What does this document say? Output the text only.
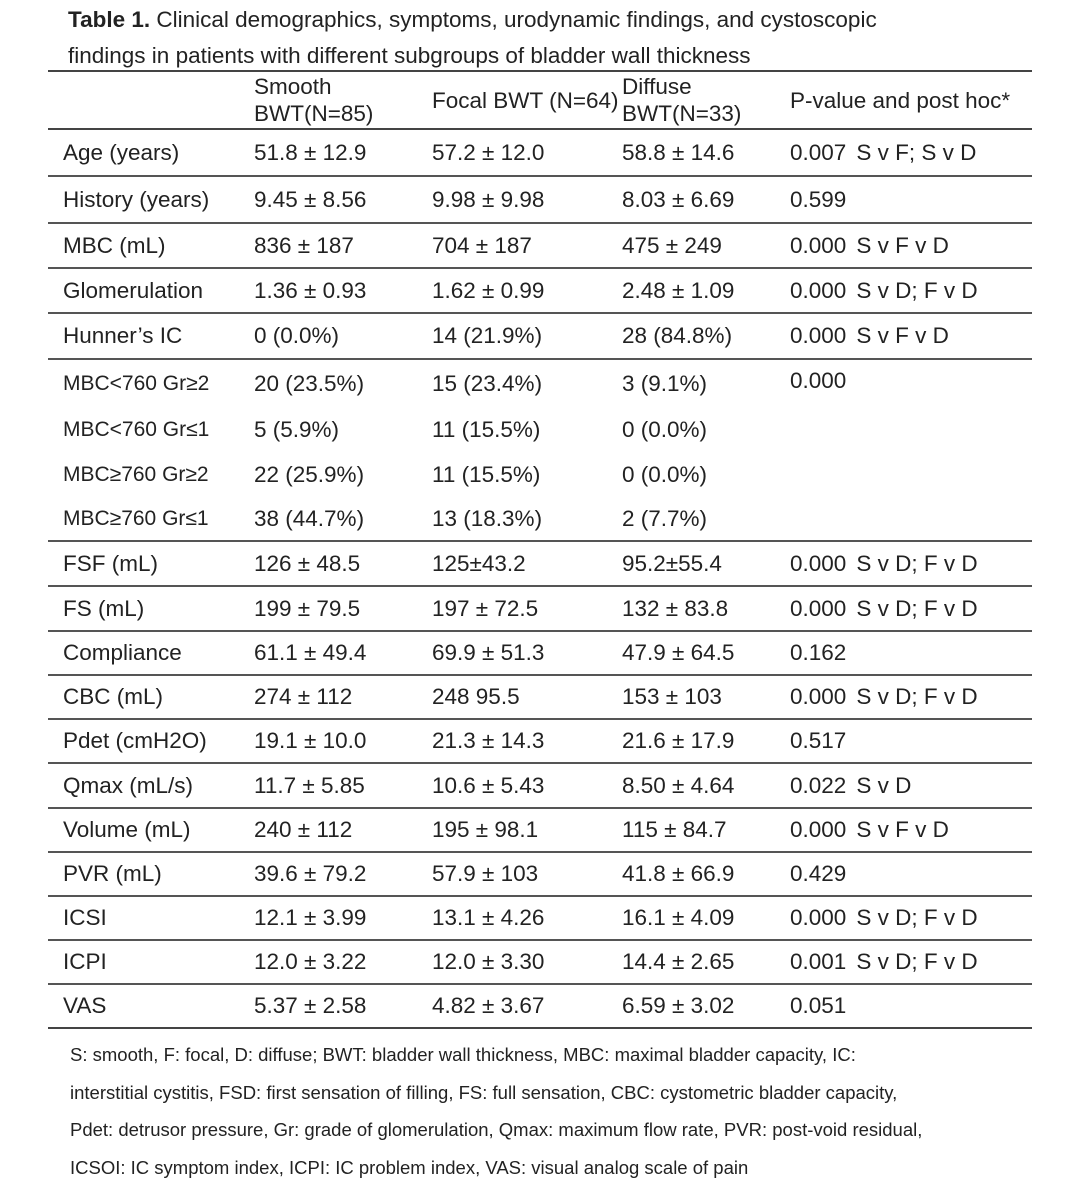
Table 1. Clinical demographics, symptoms, urodynamic findings, and cystoscopic
findings in patients with different subgroups of bladder wall thickness
	Smooth BWT(N=85)	Focal BWT (N=64)	Diffuse BWT(N=33)	P-value and post hoc*
Age (years)	51.8 ± 12.9	57.2 ± 12.0	58.8 ± 14.6	0.007 S v F; S v D
History (years)	9.45 ± 8.56	9.98 ± 9.98	8.03 ± 6.69	0.599
MBC (mL)	836 ± 187	704 ± 187	475 ± 249	0.000 S v F v D
Glomerulation	1.36 ± 0.93	1.62 ± 0.99	2.48 ± 1.09	0.000 S v D; F v D
Hunner’s IC	0 (0.0%)	14 (21.9%)	28 (84.8%)	0.000 S v F v D
MBC<760 Gr≥2	20 (23.5%)	15 (23.4%)	3 (9.1%)	0.000
MBC<760 Gr≤1	5 (5.9%)	11 (15.5%)	0 (0.0%)	
MBC≥760 Gr≥2	22 (25.9%)	11 (15.5%)	0 (0.0%)	
MBC≥760 Gr≤1	38 (44.7%)	13 (18.3%)	2 (7.7%)	
FSF (mL)	126 ± 48.5	125±43.2	95.2±55.4	0.000 S v D; F v D
FS (mL)	199 ± 79.5	197 ± 72.5	132 ± 83.8	0.000 S v D; F v D
Compliance	61.1 ± 49.4	69.9 ± 51.3	47.9 ± 64.5	0.162
CBC (mL)	274 ± 112	248 95.5	153 ± 103	0.000 S v D; F v D
Pdet (cmH2O)	19.1 ± 10.0	21.3 ± 14.3	21.6 ± 17.9	0.517
Qmax (mL/s)	11.7 ± 5.85	10.6 ± 5.43	8.50 ± 4.64	0.022 S v D
Volume (mL)	240 ± 112	195 ± 98.1	115 ± 84.7	0.000 S v F v D
PVR (mL)	39.6 ± 79.2	57.9 ± 103	41.8 ± 66.9	0.429
ICSI	12.1 ± 3.99	13.1 ± 4.26	16.1 ± 4.09	0.000 S v D; F v D
ICPI	12.0 ± 3.22	12.0 ± 3.30	14.4 ± 2.65	0.001 S v D; F v D
VAS	5.37 ± 2.58	4.82 ± 3.67	6.59 ± 3.02	0.051

S: smooth, F: focal, D: diffuse; BWT: bladder wall thickness, MBC: maximal bladder capacity, IC:

interstitial cystitis, FSD: first sensation of filling, FS: full sensation, CBC: cystometric bladder capacity,

Pdet: detrusor pressure, Gr: grade of glomerulation, Qmax: maximum flow rate, PVR: post-void residual,

ICSOI: IC symptom index, ICPI: IC problem index, VAS: visual analog scale of pain
